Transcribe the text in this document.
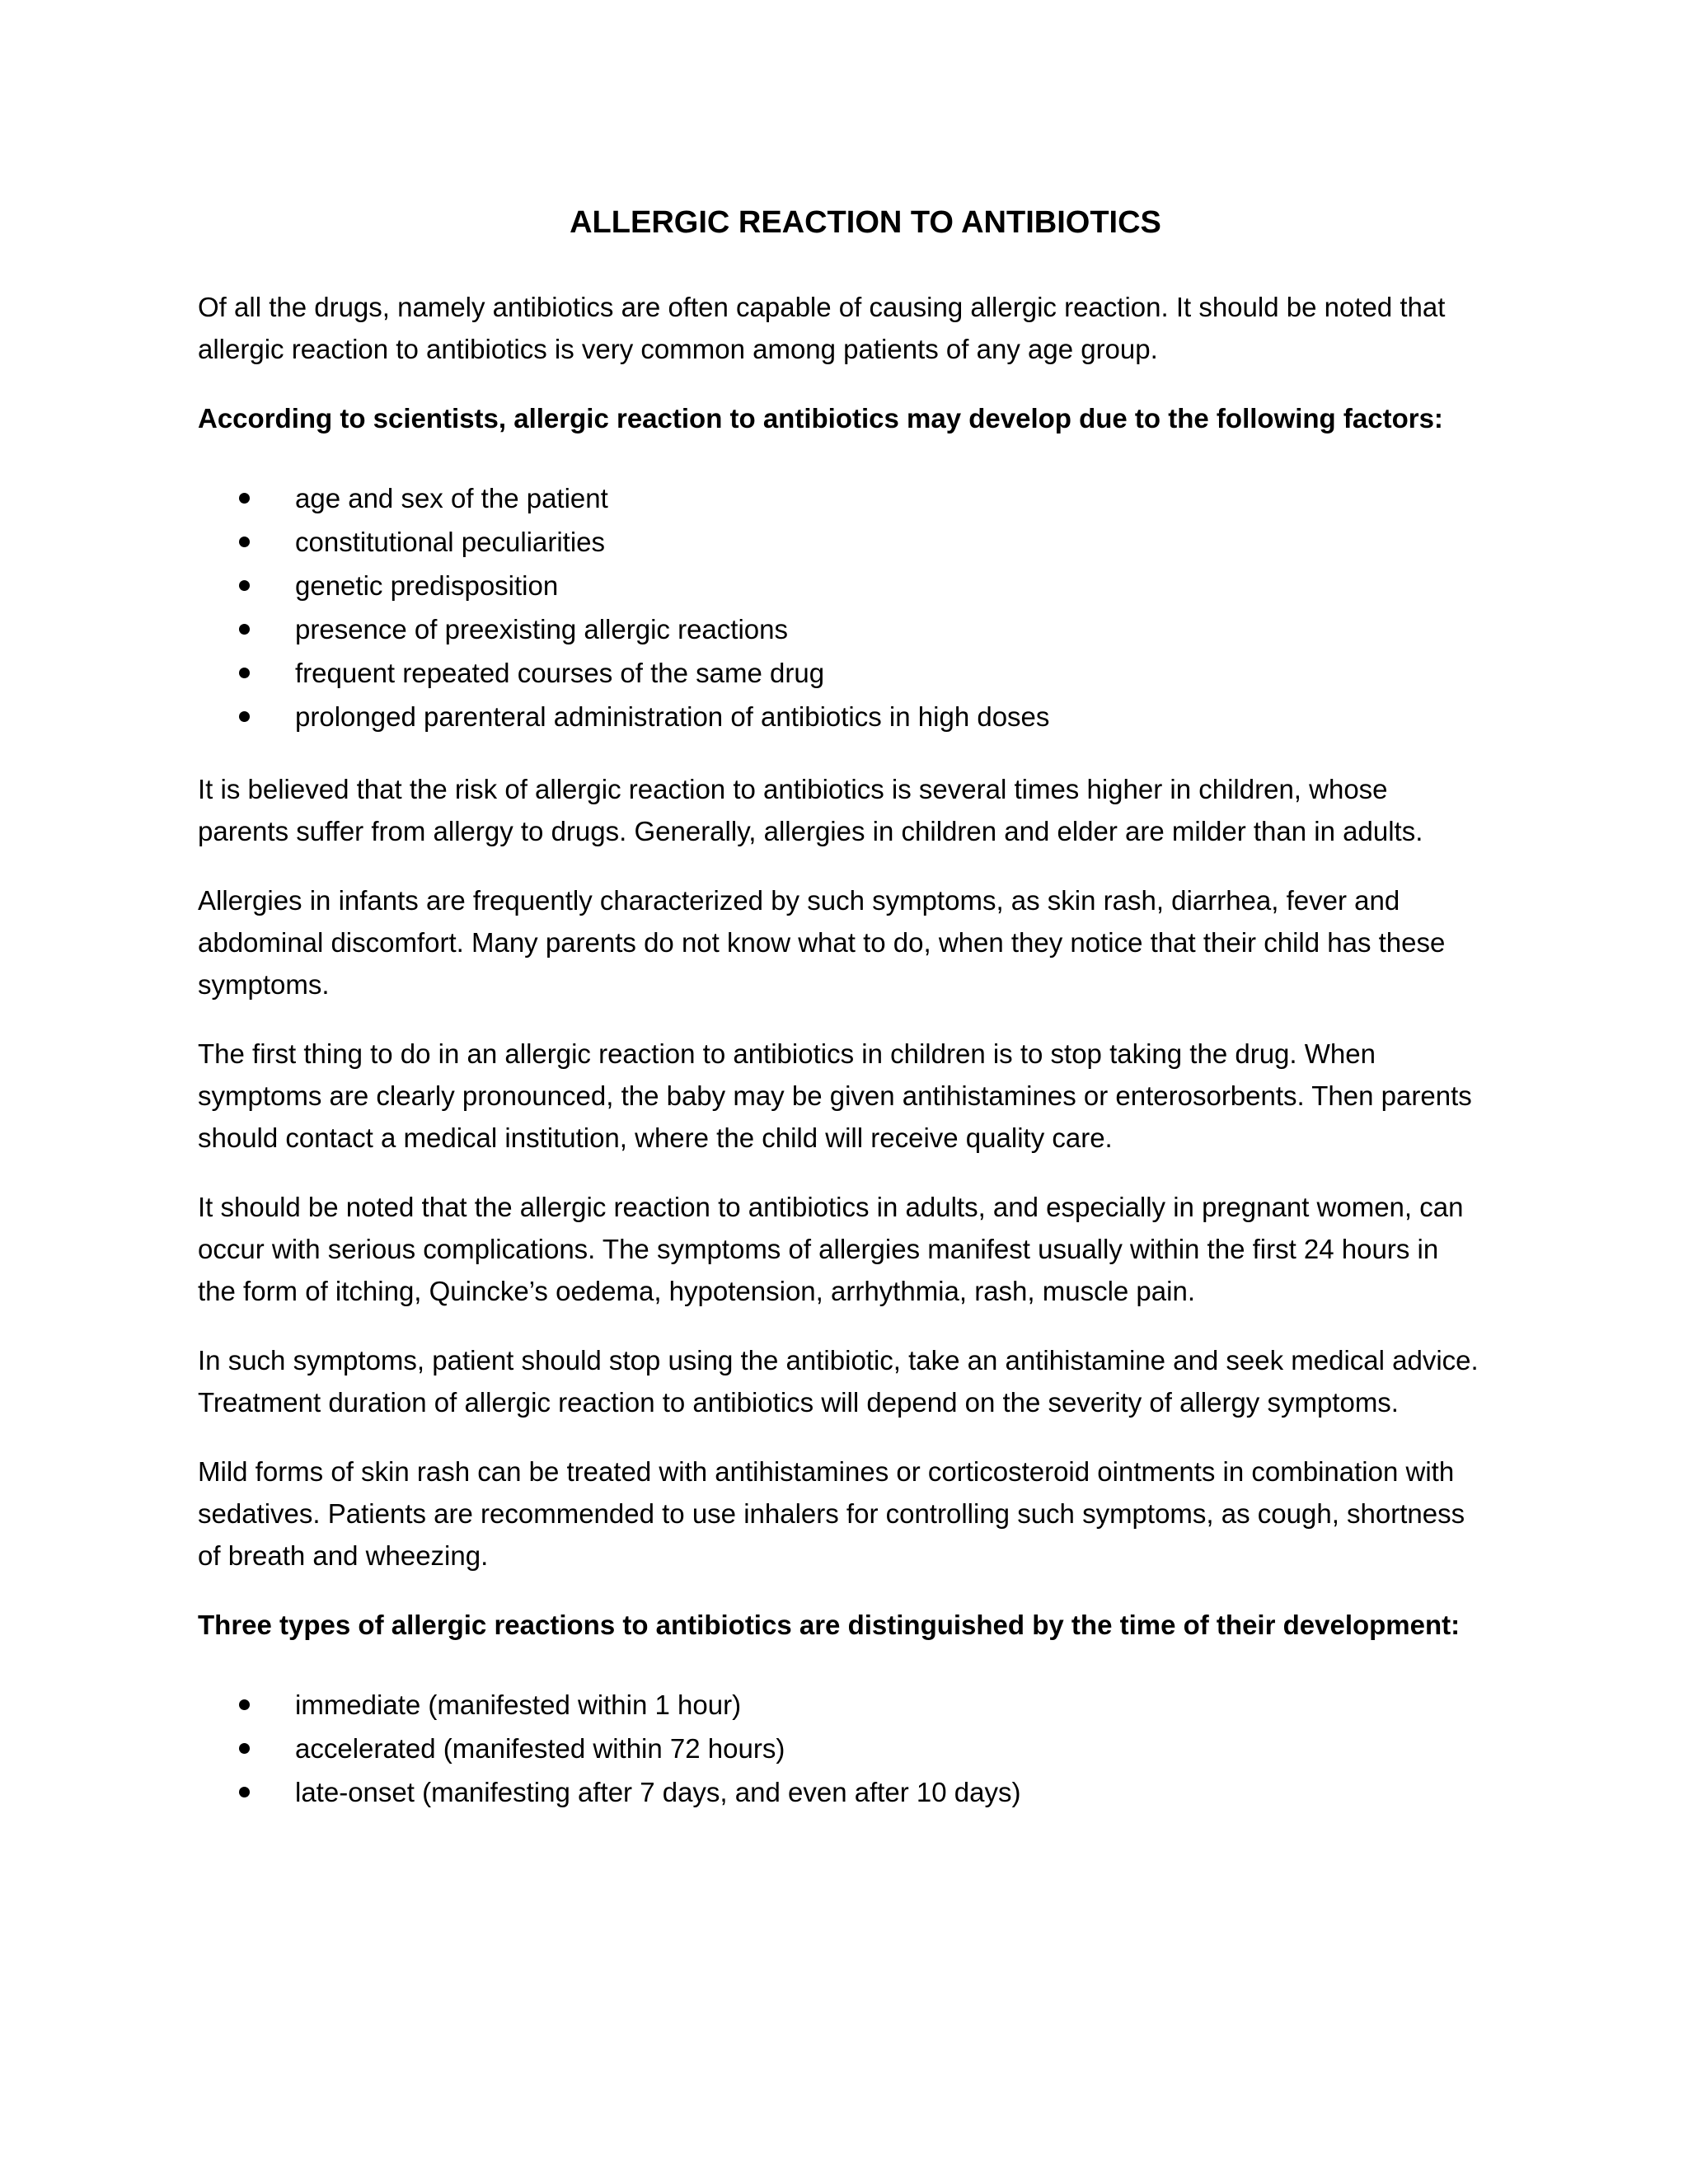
ALLERGIC REACTION TO ANTIBIOTICS

Of all the drugs, namely antibiotics are often capable of causing allergic reaction. It should be noted that allergic reaction to antibiotics is very common among patients of any age group.

According to scientists, allergic reaction to antibiotics may develop due to the following factors:

age and sex of the patient
constitutional peculiarities
genetic predisposition
presence of preexisting allergic reactions
frequent repeated courses of the same drug
prolonged parenteral administration of antibiotics in high doses

It is believed that the risk of allergic reaction to antibiotics is several times higher in children, whose parents suffer from allergy to drugs. Generally, allergies in children and elder are milder than in adults.

Allergies in infants are frequently characterized by such symptoms, as skin rash, diarrhea, fever and abdominal discomfort. Many parents do not know what to do, when they notice that their child has these symptoms.

The first thing to do in an allergic reaction to antibiotics in children is to stop taking the drug. When symptoms are clearly pronounced, the baby may be given antihistamines or enterosorbents. Then parents should contact a medical institution, where the child will receive quality care.

It should be noted that the allergic reaction to antibiotics in adults, and especially in pregnant women, can occur with serious complications. The symptoms of allergies manifest usually within the first 24 hours in the form of itching, Quincke’s oedema, hypotension, arrhythmia, rash, muscle pain.

In such symptoms, patient should stop using the antibiotic, take an antihistamine and seek medical advice. Treatment duration of allergic reaction to antibiotics will depend on the severity of allergy symptoms.

Mild forms of skin rash can be treated with antihistamines or corticosteroid ointments in combination with sedatives. Patients are recommended to use inhalers for controlling such symptoms, as cough, shortness of breath and wheezing.

Three types of allergic reactions to antibiotics are distinguished by the time of their development:

immediate (manifested within 1 hour)
accelerated (manifested within 72 hours)
late-onset (manifesting after 7 days, and even after 10 days)
